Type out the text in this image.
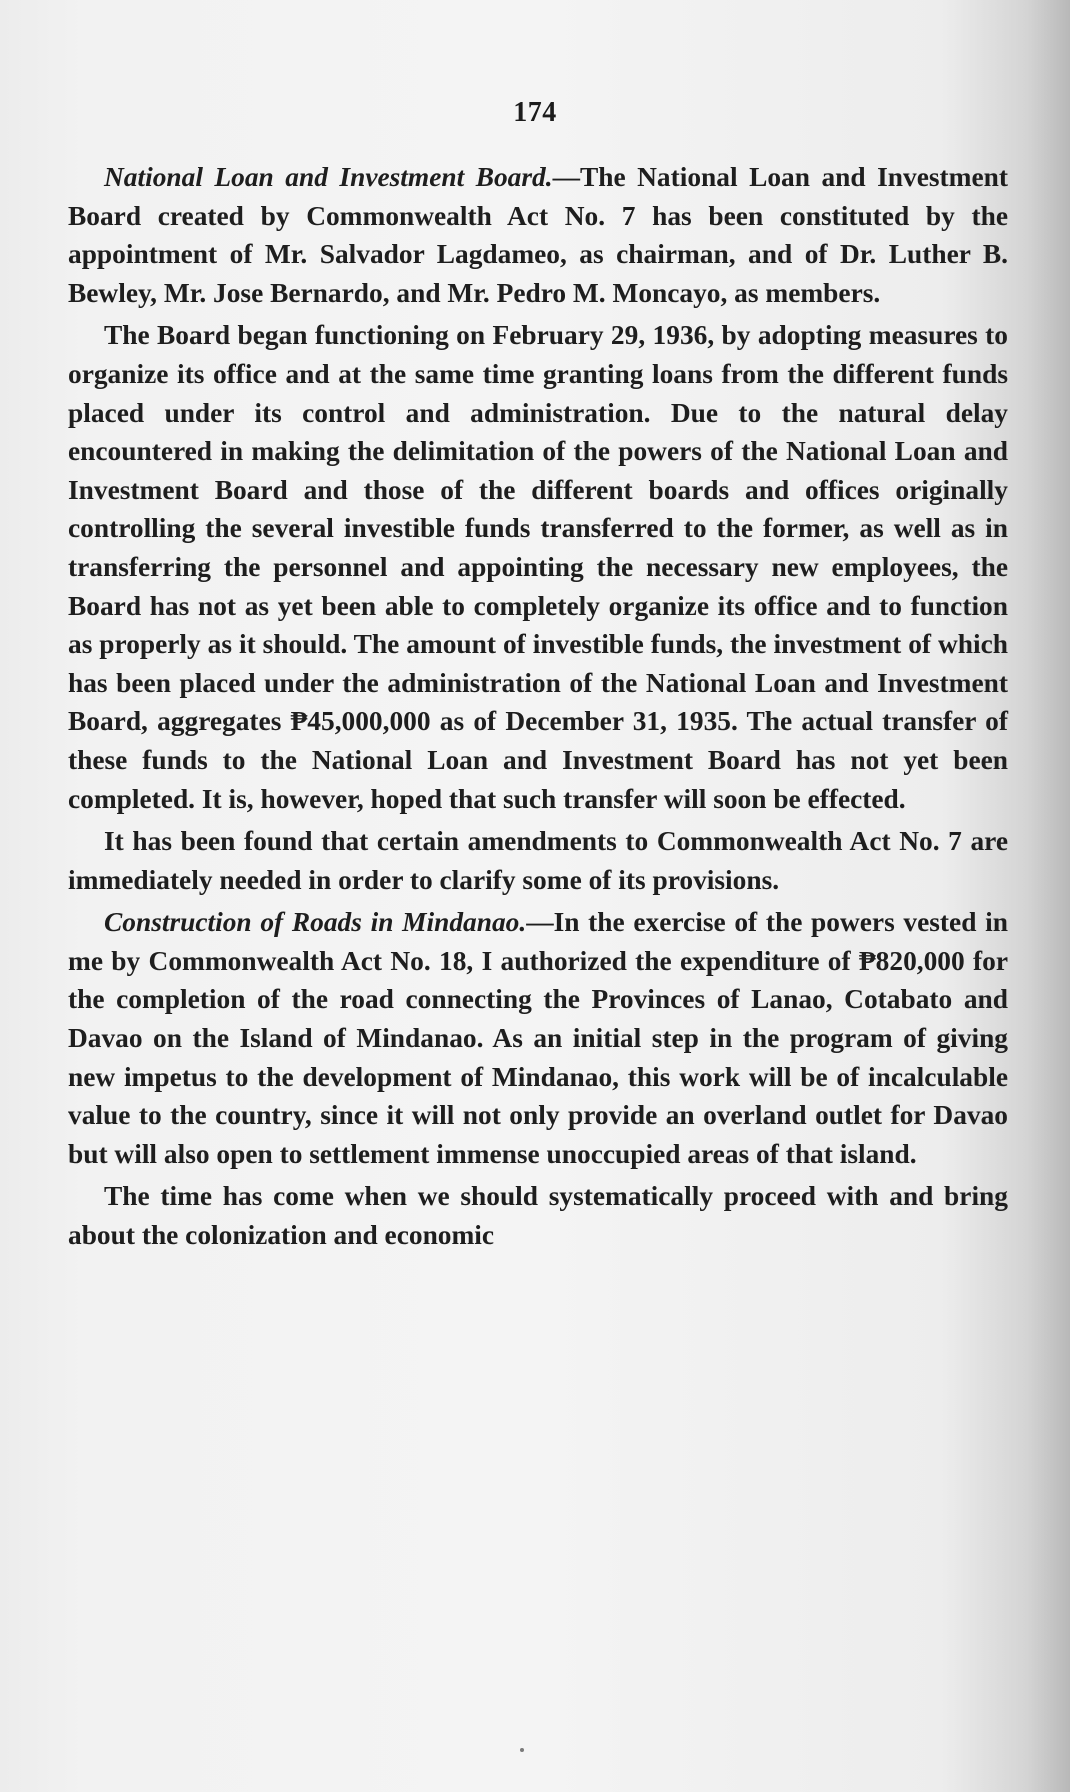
174

National Loan and Investment Board.—The National Loan and Investment Board created by Commonwealth Act No. 7 has been constituted by the appointment of Mr. Salvador Lagdameo, as chairman, and of Dr. Luther B. Bewley, Mr. Jose Bernardo, and Mr. Pedro M. Moncayo, as members.

The Board began functioning on February 29, 1936, by adopting measures to organize its office and at the same time granting loans from the different funds placed under its control and administration. Due to the natural delay encountered in making the delimitation of the powers of the National Loan and Investment Board and those of the different boards and offices originally controlling the several investible funds transferred to the former, as well as in transferring the personnel and appointing the necessary new employees, the Board has not as yet been able to completely organize its office and to function as properly as it should. The amount of investible funds, the investment of which has been placed under the administration of the National Loan and Investment Board, aggregates ₱45,000,000 as of December 31, 1935. The actual transfer of these funds to the National Loan and Investment Board has not yet been completed. It is, however, hoped that such transfer will soon be effected.

It has been found that certain amendments to Commonwealth Act No. 7 are immediately needed in order to clarify some of its provisions.

Construction of Roads in Mindanao.—In the exercise of the powers vested in me by Commonwealth Act No. 18, I authorized the expenditure of ₱820,000 for the completion of the road connecting the Provinces of Lanao, Cotabato and Davao on the Island of Mindanao. As an initial step in the program of giving new impetus to the development of Mindanao, this work will be of incalculable value to the country, since it will not only provide an overland outlet for Davao but will also open to settlement immense unoccupied areas of that island.

The time has come when we should systematically proceed with and bring about the colonization and economic
